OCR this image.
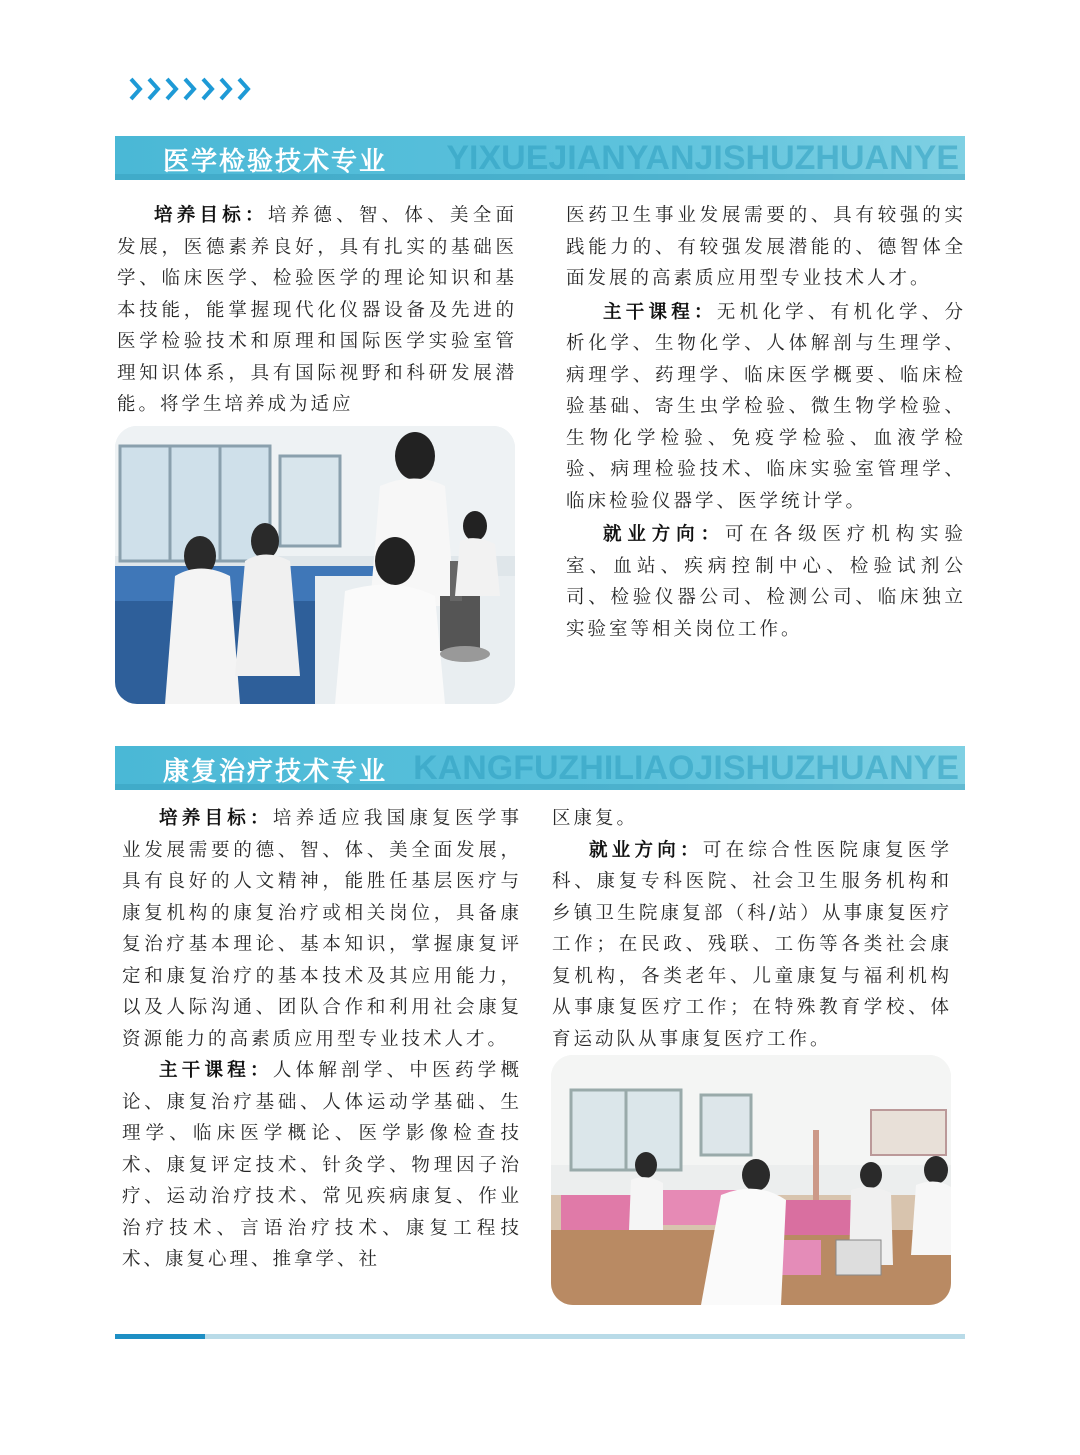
YIXUEJIANYANJISHUZHUANYE
医学检验技术专业

培养目标：培养德、智、体、美全面发展，医德素养良好，具有扎实的基础医学、临床医学、检验医学的理论知识和基本技能，能掌握现代化仪器设备及先进的医学检验技术和原理和国际医学实验室管理知识体系，具有国际视野和科研发展潜能。将学生培养成为适应

医药卫生事业发展需要的、具有较强的实践能力的、有较强发展潜能的、德智体全面发展的高素质应用型专业技术人才。

主干课程：无机化学、有机化学、分析化学、生物化学、人体解剖与生理学、病理学、药理学、临床医学概要、临床检验基础、寄生虫学检验、微生物学检验、生物化学检验、免疫学检验、血液学检验、病理检验技术、临床实验室管理学、临床检验仪器学、医学统计学。

就业方向：可在各级医疗机构实验室、血站、疾病控制中心、检验试剂公司、检验仪器公司、检测公司、临床独立实验室等相关岗位工作。

KANGFUZHILIAOJISHUZHUANYE
康复治疗技术专业

培养目标：培养适应我国康复医学事业发展需要的德、智、体、美全面发展，具有良好的人文精神，能胜任基层医疗与康复机构的康复治疗或相关岗位，具备康复治疗基本理论、基本知识，掌握康复评定和康复治疗的基本技术及其应用能力，以及人际沟通、团队合作和利用社会康复资源能力的高素质应用型专业技术人才。

主干课程：人体解剖学、中医药学概论、康复治疗基础、人体运动学基础、生理学、临床医学概论、医学影像检查技术、康复评定技术、针灸学、物理因子治疗、运动治疗技术、常见疾病康复、作业治疗技术、言语治疗技术、康复工程技术、康复心理、推拿学、社

区康复。

就业方向：可在综合性医院康复医学科、康复专科医院、社会卫生服务机构和乡镇卫生院康复部（科/站）从事康复医疗工作；在民政、残联、工伤等各类社会康复机构，各类老年、儿童康复与福利机构从事康复医疗工作；在特殊教育学校、体育运动队从事康复医疗工作。
